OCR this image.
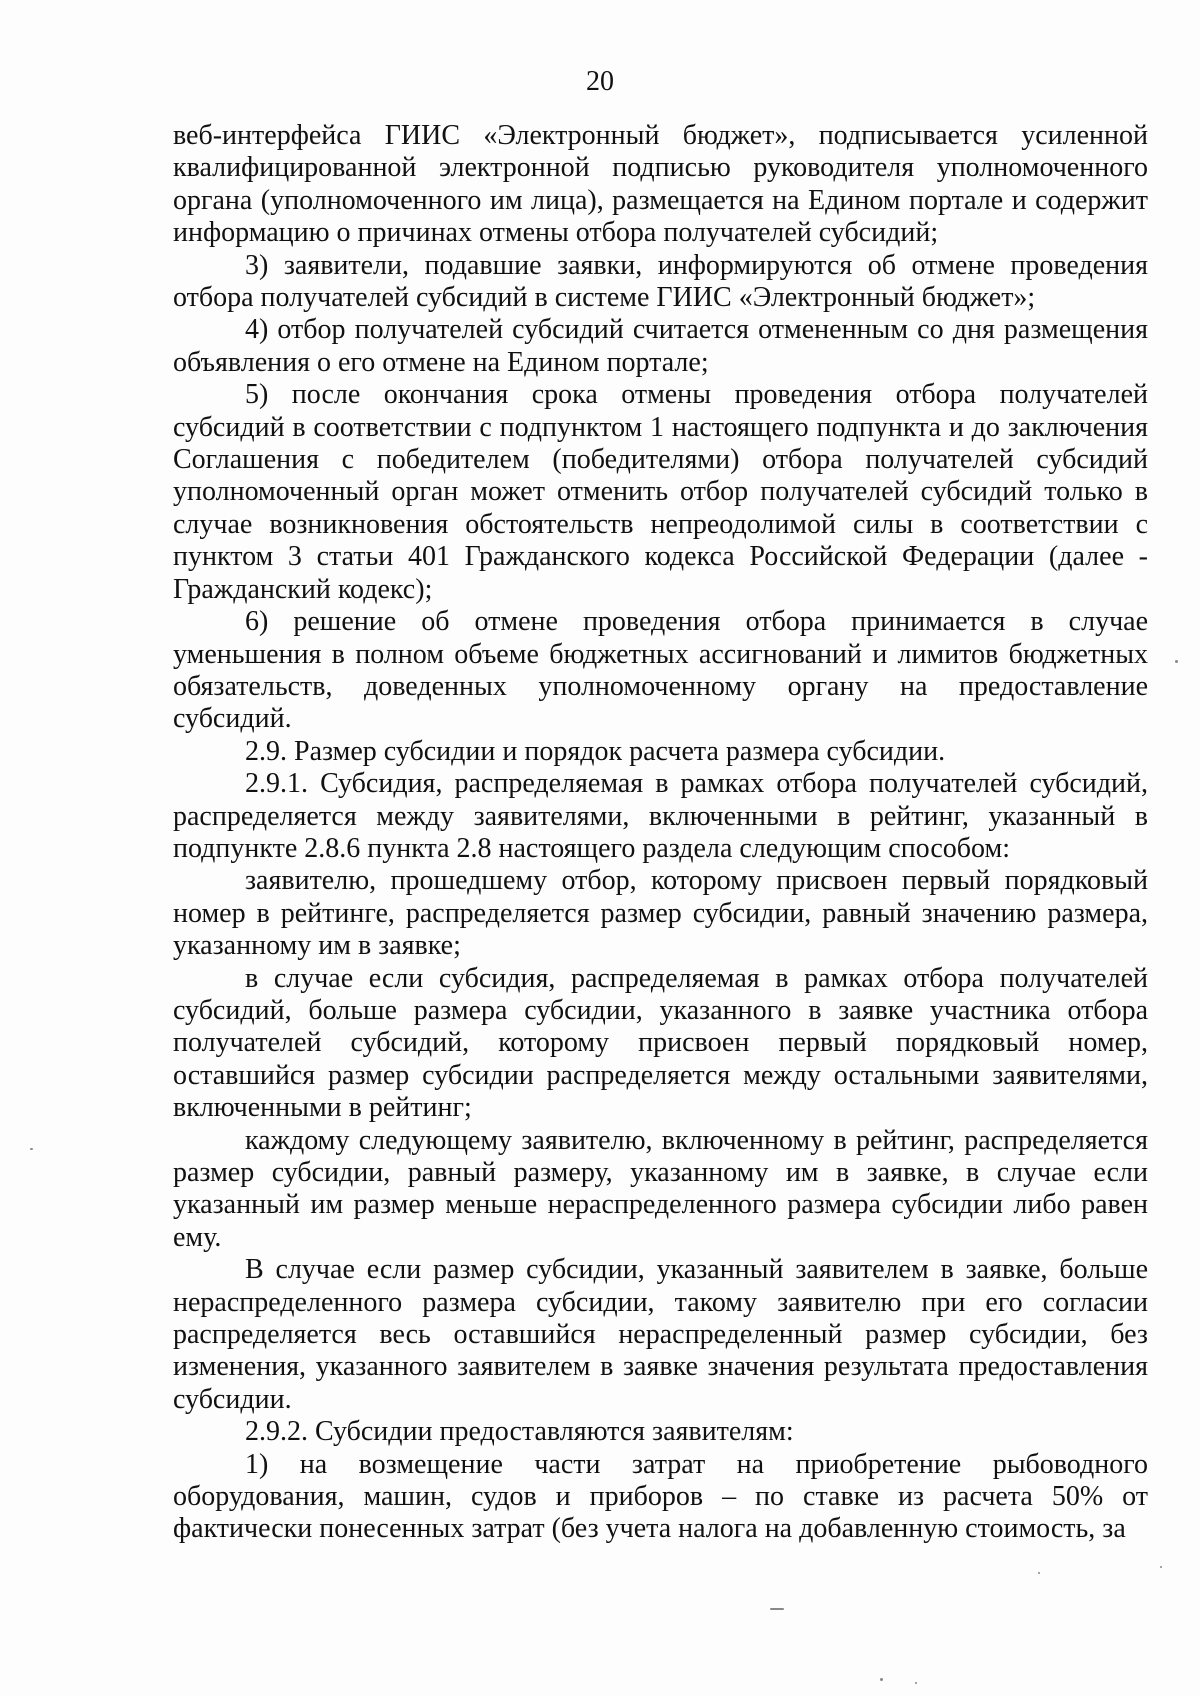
20

веб-интерфейса ГИИС «Электронный бюджет», подписывается усиленной квалифицированной электронной подписью руководителя уполномоченного органа (уполномоченного им лица), размещается на Едином портале и содержит информацию о причинах отмены отбора получателей субсидий;

3) заявители, подавшие заявки, информируются об отмене проведения отбора получателей субсидий в системе ГИИС «Электронный бюджет»;

4) отбор получателей субсидий считается отмененным со дня размещения объявления о его отмене на Едином портале;

5) после окончания срока отмены проведения отбора получателей субсидий в соответствии с подпунктом 1 настоящего подпункта и до заключения Соглашения с победителем (победителями) отбора получателей субсидий уполномоченный орган может отменить отбор получателей субсидий только в случае возникновения обстоятельств непреодолимой силы в соответствии с пунктом 3 статьи 401 Гражданского кодекса Российской Федерации (далее - Гражданский кодекс);

6) решение об отмене проведения отбора принимается в случае уменьшения в полном объеме бюджетных ассигнований и лимитов бюджетных обязательств, доведенных уполномоченному органу на предоставление субсидий.

2.9. Размер субсидии и порядок расчета размера субсидии.

2.9.1. Субсидия, распределяемая в рамках отбора получателей субсидий, распределяется между заявителями, включенными в рейтинг, указанный в подпункте 2.8.6 пункта 2.8 настоящего раздела следующим способом:

заявителю, прошедшему отбор, которому присвоен первый порядковый номер в рейтинге, распределяется размер субсидии, равный значению размера, указанному им в заявке;

в случае если субсидия, распределяемая в рамках отбора получателей субсидий, больше размера субсидии, указанного в заявке участника отбора получателей субсидий, которому присвоен первый порядковый номер, оставшийся размер субсидии распределяется между остальными заявителями, включенными в рейтинг;

каждому следующему заявителю, включенному в рейтинг, распределяется размер субсидии, равный размеру, указанному им в заявке, в случае если указанный им размер меньше нераспределенного размера субсидии либо равен ему.

В случае если размер субсидии, указанный заявителем в заявке, больше нераспределенного размера субсидии, такому заявителю при его согласии распределяется весь оставшийся нераспределенный размер субсидии, без изменения, указанного заявителем в заявке значения результата предоставления субсидии.

2.9.2. Субсидии предоставляются заявителям:

1) на возмещение части затрат на приобретение рыбоводного оборудования, машин, судов и приборов – по ставке из расчета 50% от фактически понесенных затрат (без учета налога на добавленную стоимость, за
